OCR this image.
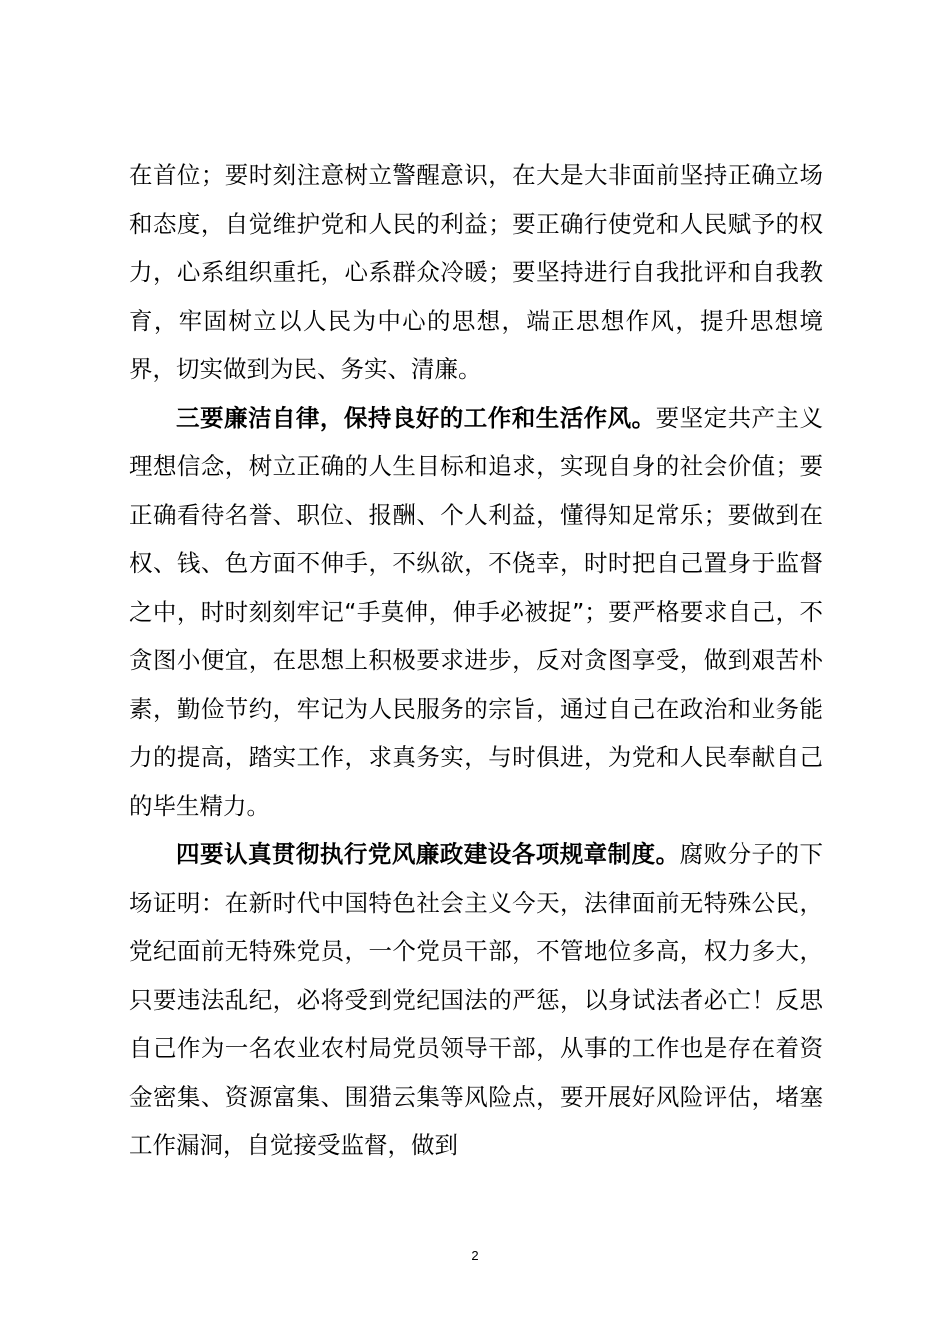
在首位；要时刻注意树立警醒意识，在大是大非面前坚持正确立场和态度，自觉维护党和人民的利益；要正确行使党和人民赋予的权力，心系组织重托，心系群众冷暖；要坚持进行自我批评和自我教育，牢固树立以人民为中心的思想，端正思想作风，提升思想境界，切实做到为民、务实、清廉。

三要廉洁自律，保持良好的工作和生活作风。要坚定共产主义理想信念，树立正确的人生目标和追求，实现自身的社会价值；要正确看待名誉、职位、报酬、个人利益，懂得知足常乐；要做到在权、钱、色方面不伸手，不纵欲，不侥幸，时时把自己置身于监督之中，时时刻刻牢记“手莫伸，伸手必被捉”；要严格要求自己，不贪图小便宜，在思想上积极要求进步，反对贪图享受，做到艰苦朴素，勤俭节约，牢记为人民服务的宗旨，通过自己在政治和业务能力的提高，踏实工作，求真务实，与时俱进，为党和人民奉献自己的毕生精力。

四要认真贯彻执行党风廉政建设各项规章制度。腐败分子的下场证明：在新时代中国特色社会主义今天，法律面前无特殊公民，党纪面前无特殊党员，一个党员干部，不管地位多高，权力多大，只要违法乱纪，必将受到党纪国法的严惩，以身试法者必亡！反思自己作为一名农业农村局党员领导干部，从事的工作也是存在着资金密集、资源富集、围猎云集等风险点，要开展好风险评估，堵塞工作漏洞，自觉接受监督，做到

2
